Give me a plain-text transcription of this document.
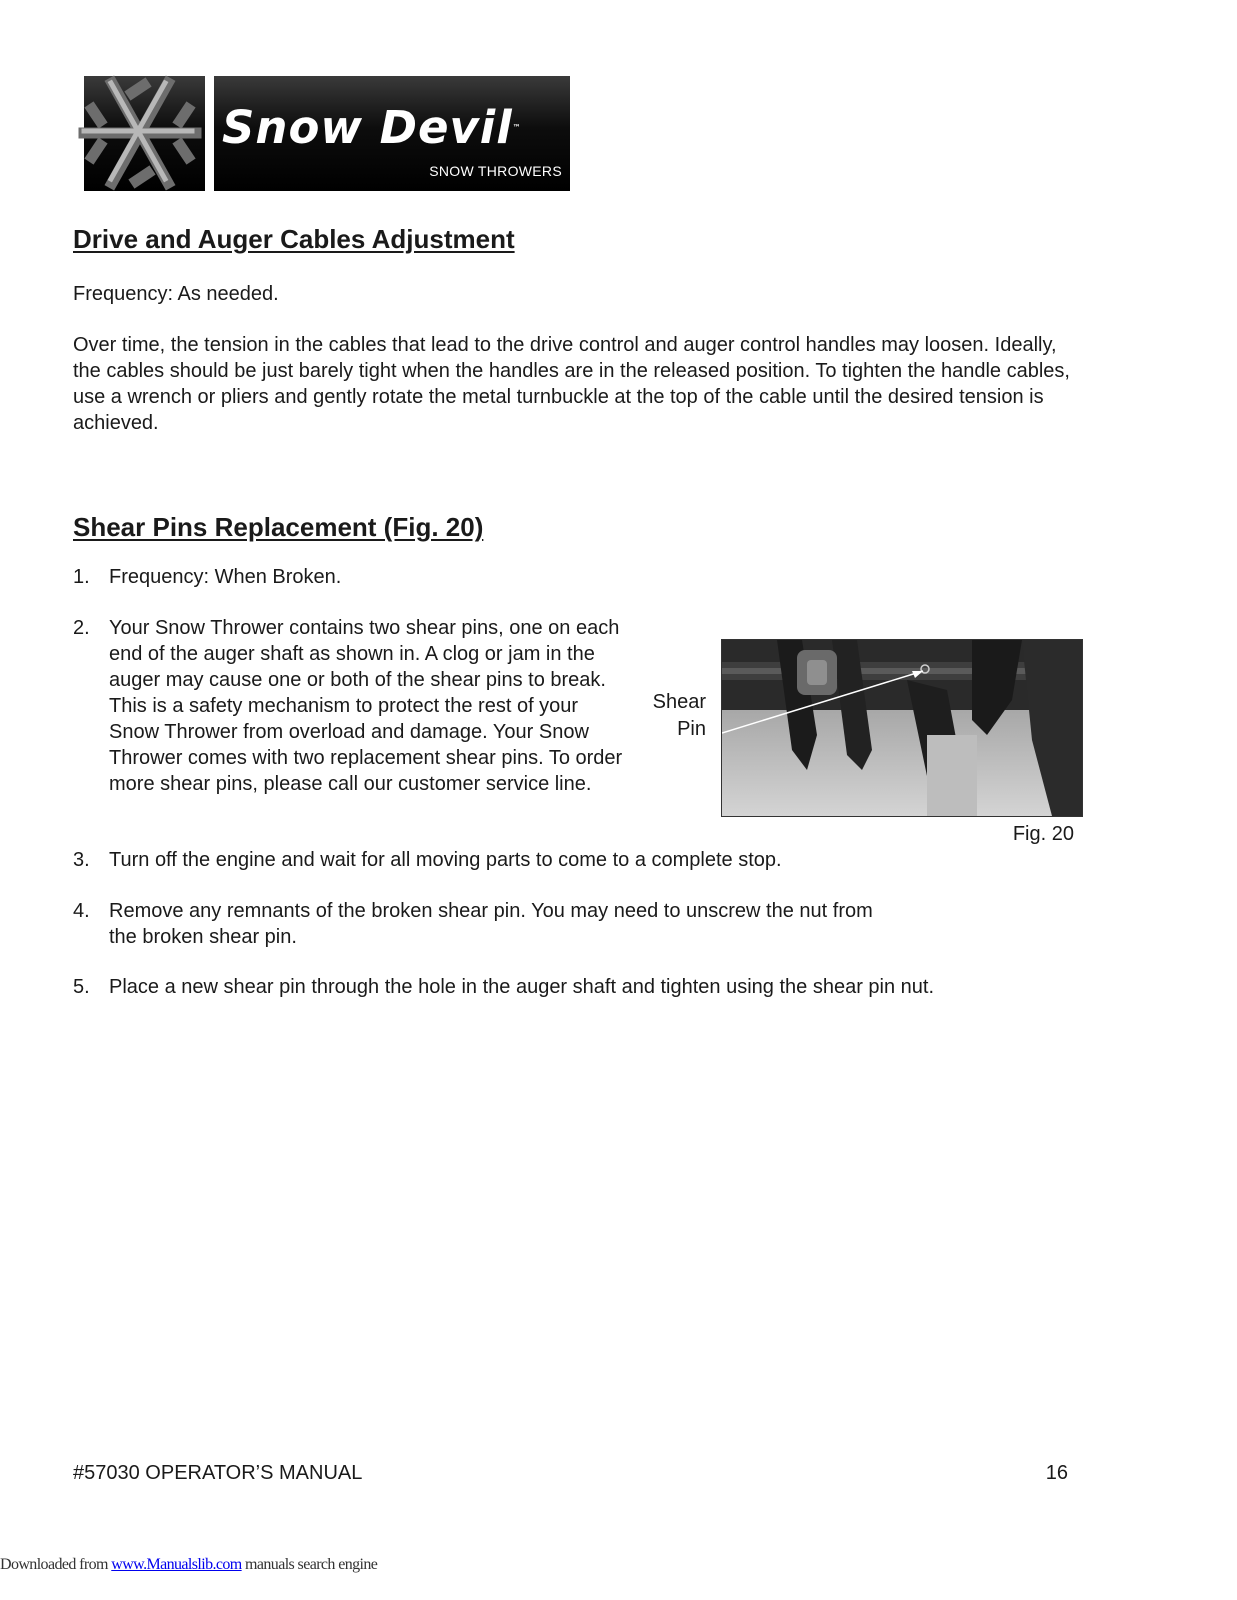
Snow Devil™
SNOW THROWERS
Drive and Auger Cables Adjustment

Frequency: As needed.

Over time, the tension in the cables that lead to the drive control and auger control handles may loosen. Ideally, the cables should be just barely tight when the handles are in the released position. To tighten the handle cables, use a wrench or pliers and gently rotate the metal turnbuckle at the top of the cable until the desired tension is achieved.

Shear Pins Replacement (Fig. 20)
1. Frequency: When Broken.
2. Your Snow Thrower contains two shear pins, one on each end of the auger shaft as shown in. A clog or jam in the auger may cause one or both of the shear pins to break. This is a safety mechanism to protect the rest of your Snow Thrower from overload and damage. Your Snow Thrower comes with two replacement shear pins. To order more shear pins, please call our customer service line.
3. Turn off the engine and wait for all moving parts to come to a complete stop.
4. Remove any remnants of the broken shear pin. You may need to unscrew the nut from the broken shear pin.
5. Place a new shear pin through the hole in the auger shaft and tighten using the shear pin nut.
Shear
Pin
Fig. 20
#57030 OPERATOR’S MANUAL	16
Downloaded from www.Manualslib.com manuals search engine
